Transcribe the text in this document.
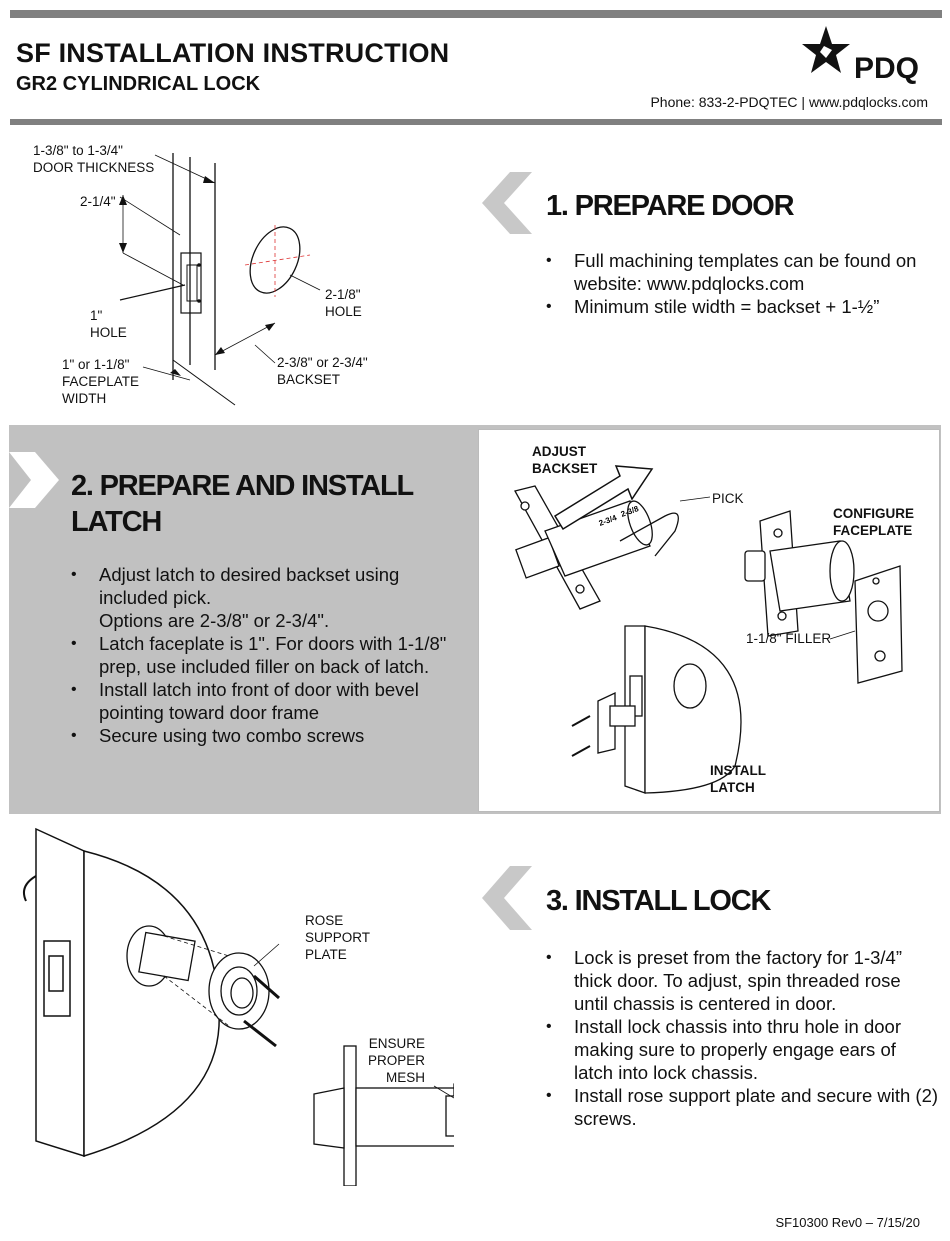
SF INSTALLATION INSTRUCTION
GR2 CYLINDRICAL LOCK
Phone: 833-2-PDQTEC | www.pdqlocks.com
PDQ
1-3/8" to 1-3/4"
DOOR THICKNESS
2-1/4"
1"
HOLE
2-1/8"
HOLE
1" or 1-1/8"
FACEPLATE
WIDTH
2-3/8" or 2-3/4"
BACKSET
1. PREPARE DOOR
• Full machining templates can be found on website: www.pdqlocks.com
• Minimum stile width = backset + 1-½”
2. PREPARE AND INSTALL LATCH
• Adjust latch to desired backset using included pick.
Options are 2-3/8" or 2-3/4".
• Latch faceplate is 1". For doors with 1-1/8" prep, use included filler on back of latch.
• Install latch into front of door with bevel pointing toward door frame
• Secure using two combo screws
2-3/4
2-3/8
ADJUST
BACKSET
PICK
CONFIGURE
FACEPLATE
1-1/8" FILLER
INSTALL
LATCH
ROSE
SUPPORT
PLATE
ENSURE
PROPER
MESH
3. INSTALL LOCK
• Lock is preset from the factory for 1-3/4” thick door. To adjust, spin threaded rose until chassis is centered in door.
• Install lock chassis into thru hole in door making sure to properly engage ears of latch into lock chassis.
• Install rose support plate and secure with (2) screws.
SF10300 Rev0 – 7/15/20
